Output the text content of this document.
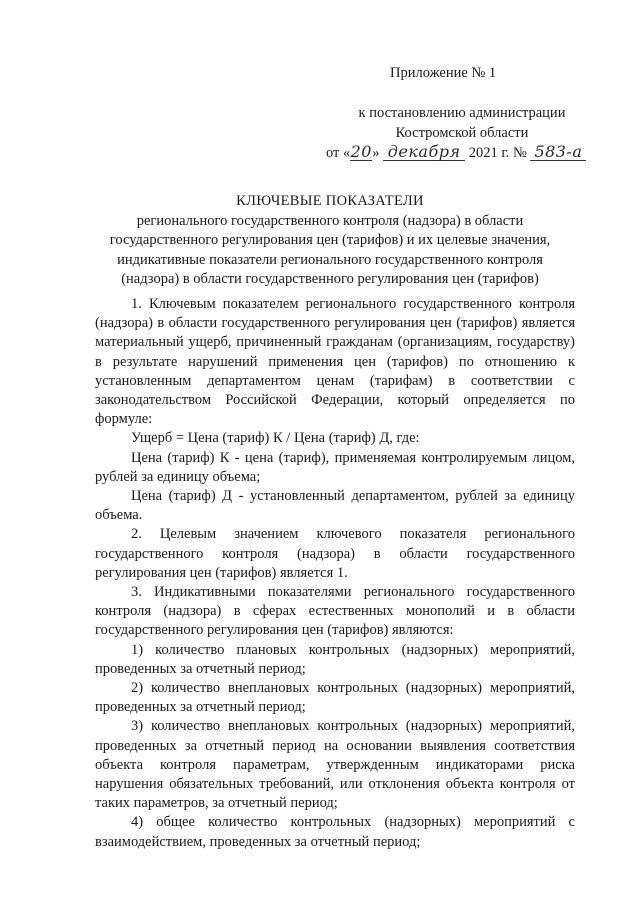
Приложение № 1
к постановлению администрации
Костромской области
от «20» декабря 2021 г. № 583-а
КЛЮЧЕВЫЕ ПОКАЗАТЕЛИ
регионального государственного контроля (надзора) в области
государственного регулирования цен (тарифов) и их целевые значения,
индикативные показатели регионального государственного контроля
(надзора) в области государственного регулирования цен (тарифов)

1. Ключевым показателем регионального государственного контроля (надзора) в области государственного регулирования цен (тарифов) является материальный ущерб, причиненный гражданам (организациям, государству) в результате нарушений применения цен (тарифов) по отношению к установленным департаментом ценам (тарифам) в соответствии с законодательством Российской Федерации, который определяется по формуле:

Ущерб = Цена (тариф) К / Цена (тариф) Д, где:

Цена (тариф) К - цена (тариф), применяемая контролируемым лицом, рублей за единицу объема;

Цена (тариф) Д - установленный департаментом, рублей за единицу объема.

2. Целевым значением ключевого показателя регионального государственного контроля (надзора) в области государственного регулирования цен (тарифов) является 1.

3. Индикативными показателями регионального государственного контроля (надзора) в сферах естественных монополий и в области государственного регулирования цен (тарифов) являются:

1) количество плановых контрольных (надзорных) мероприятий, проведенных за отчетный период;

2) количество внеплановых контрольных (надзорных) мероприятий, проведенных за отчетный период;

3) количество внеплановых контрольных (надзорных) мероприятий, проведенных за отчетный период на основании выявления соответствия объекта контроля параметрам, утвержденным индикаторами риска нарушения обязательных требований, или отклонения объекта контроля от таких параметров, за отчетный период;

4) общее количество контрольных (надзорных) мероприятий с взаимодействием, проведенных за отчетный период;
